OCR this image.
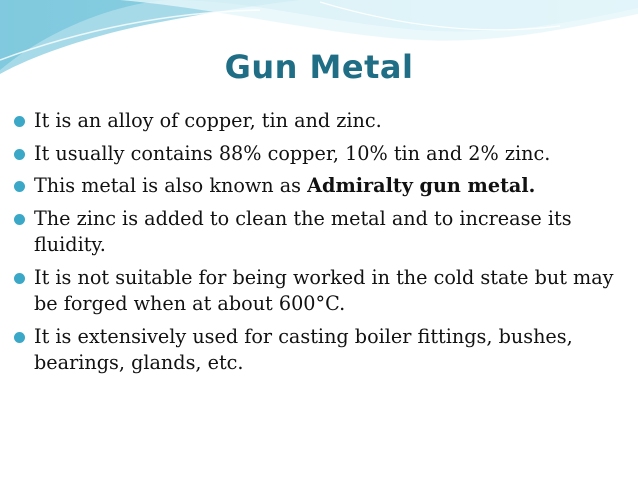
Gun Metal
It is an alloy of copper, tin and zinc.
It usually contains 88% copper, 10% tin and 2% zinc.
This metal is also known as Admiralty gun metal.
The zinc is added to clean the metal and to increase its fluidity.
It is not suitable for being worked in the cold state but may be forged when at about 600°C.
It is extensively used for casting boiler fittings, bushes, bearings, glands, etc.
